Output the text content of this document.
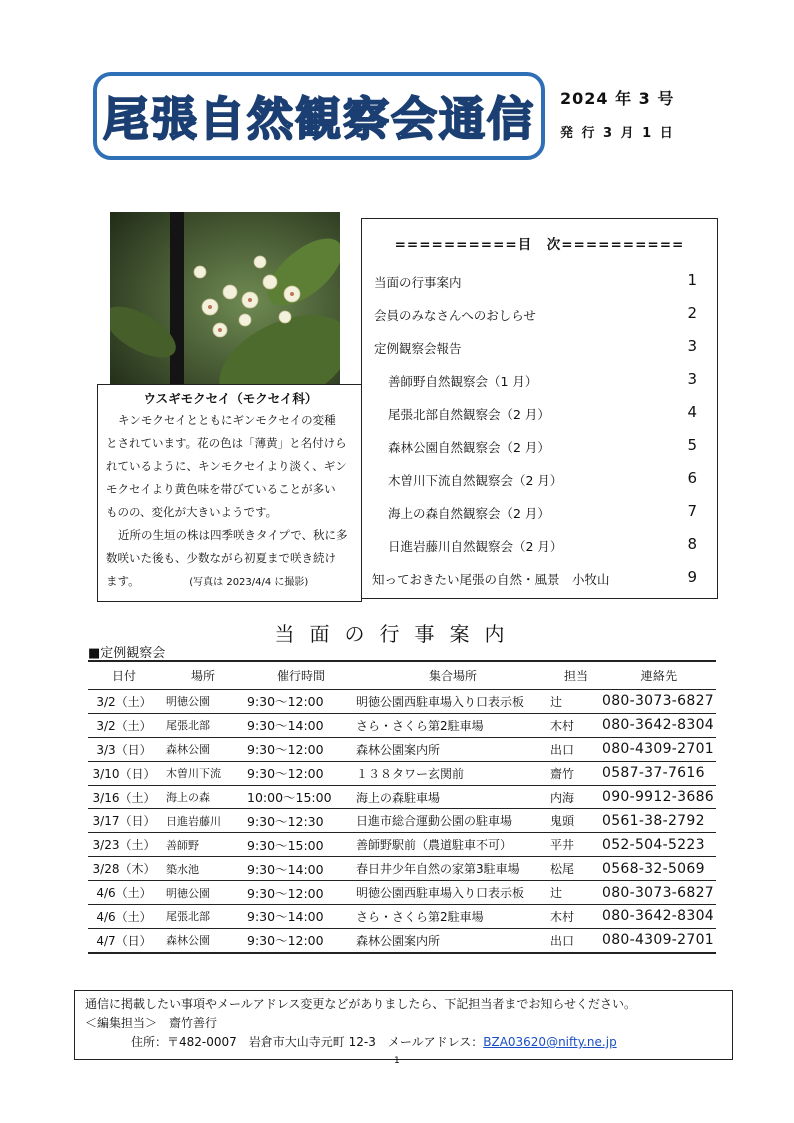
尾張自然観察会通信	2024 年 3 号
発 行 3 月 1 日
ウスギモクセイ（モクセイ科）
キンモクセイとともにギンモクセイの変種
とされています。花の色は「薄黄」と名付けら
れているように、キンモクセイより淡く、ギン
モクセイより黄色味を帯びていることが多い
ものの、変化が大きいようです。
近所の生垣の株は四季咲きタイプで、秋に多
数咲いた後も、少数ながら初夏まで咲き続け
ます。	(写真は 2023/4/4 に撮影)
==========目　次==========
当面の行事案内	1
会員のみなさんへのおしらせ	2
定例観察会報告	3
善師野自然観察会（1 月）	3
尾張北部自然観察会（2 月）	4
森林公園自然観察会（2 月）	5
木曽川下流自然観察会（2 月）	6
海上の森自然観察会（2 月）	7
日進岩藤川自然観察会（2 月）	8
知っておきたい尾張の自然・風景　小牧山	9
当面の行事案内
■定例観察会
日付	場所	催行時間	集合場所	担当	連絡先
3/2（土）	明徳公園	9:30～12:00	明徳公園西駐車場入り口表示板	辻	080-3073-6827
3/2（土）	尾張北部	9:30～14:00	さら・さくら第2駐車場	木村	080-3642-8304
3/3（日）	森林公園	9:30～12:00	森林公園案内所	出口	080-4309-2701
3/10（日）	木曽川下流	9:30～12:00	１３８タワー玄関前	齋竹	0587-37-7616
3/16（土）	海上の森	10:00～15:00	海上の森駐車場	内海	090-9912-3686
3/17（日）	日進岩藤川	9:30～12:30	日進市総合運動公園の駐車場	鬼頭	0561-38-2792
3/23（土）	善師野	9:30～15:00	善師野駅前（農道駐車不可）	平井	052-504-5223
3/28（木）	築水池	9:30～14:00	春日井少年自然の家第3駐車場	松尾	0568-32-5069
4/6（土）	明徳公園	9:30～12:00	明徳公園西駐車場入り口表示板	辻	080-3073-6827
4/6（土）	尾張北部	9:30～14:00	さら・さくら第2駐車場	木村	080-3642-8304
4/7（日）	森林公園	9:30～12:00	森林公園案内所	出口	080-4309-2701
通信に掲載したい事項やメールアドレス変更などがありましたら、下記担当者までお知らせください。
＜編集担当＞　齋竹善行
住所：〒482-0007　岩倉市大山寺元町 12-3　メールアドレス：BZA03620@nifty.ne.jp
1
